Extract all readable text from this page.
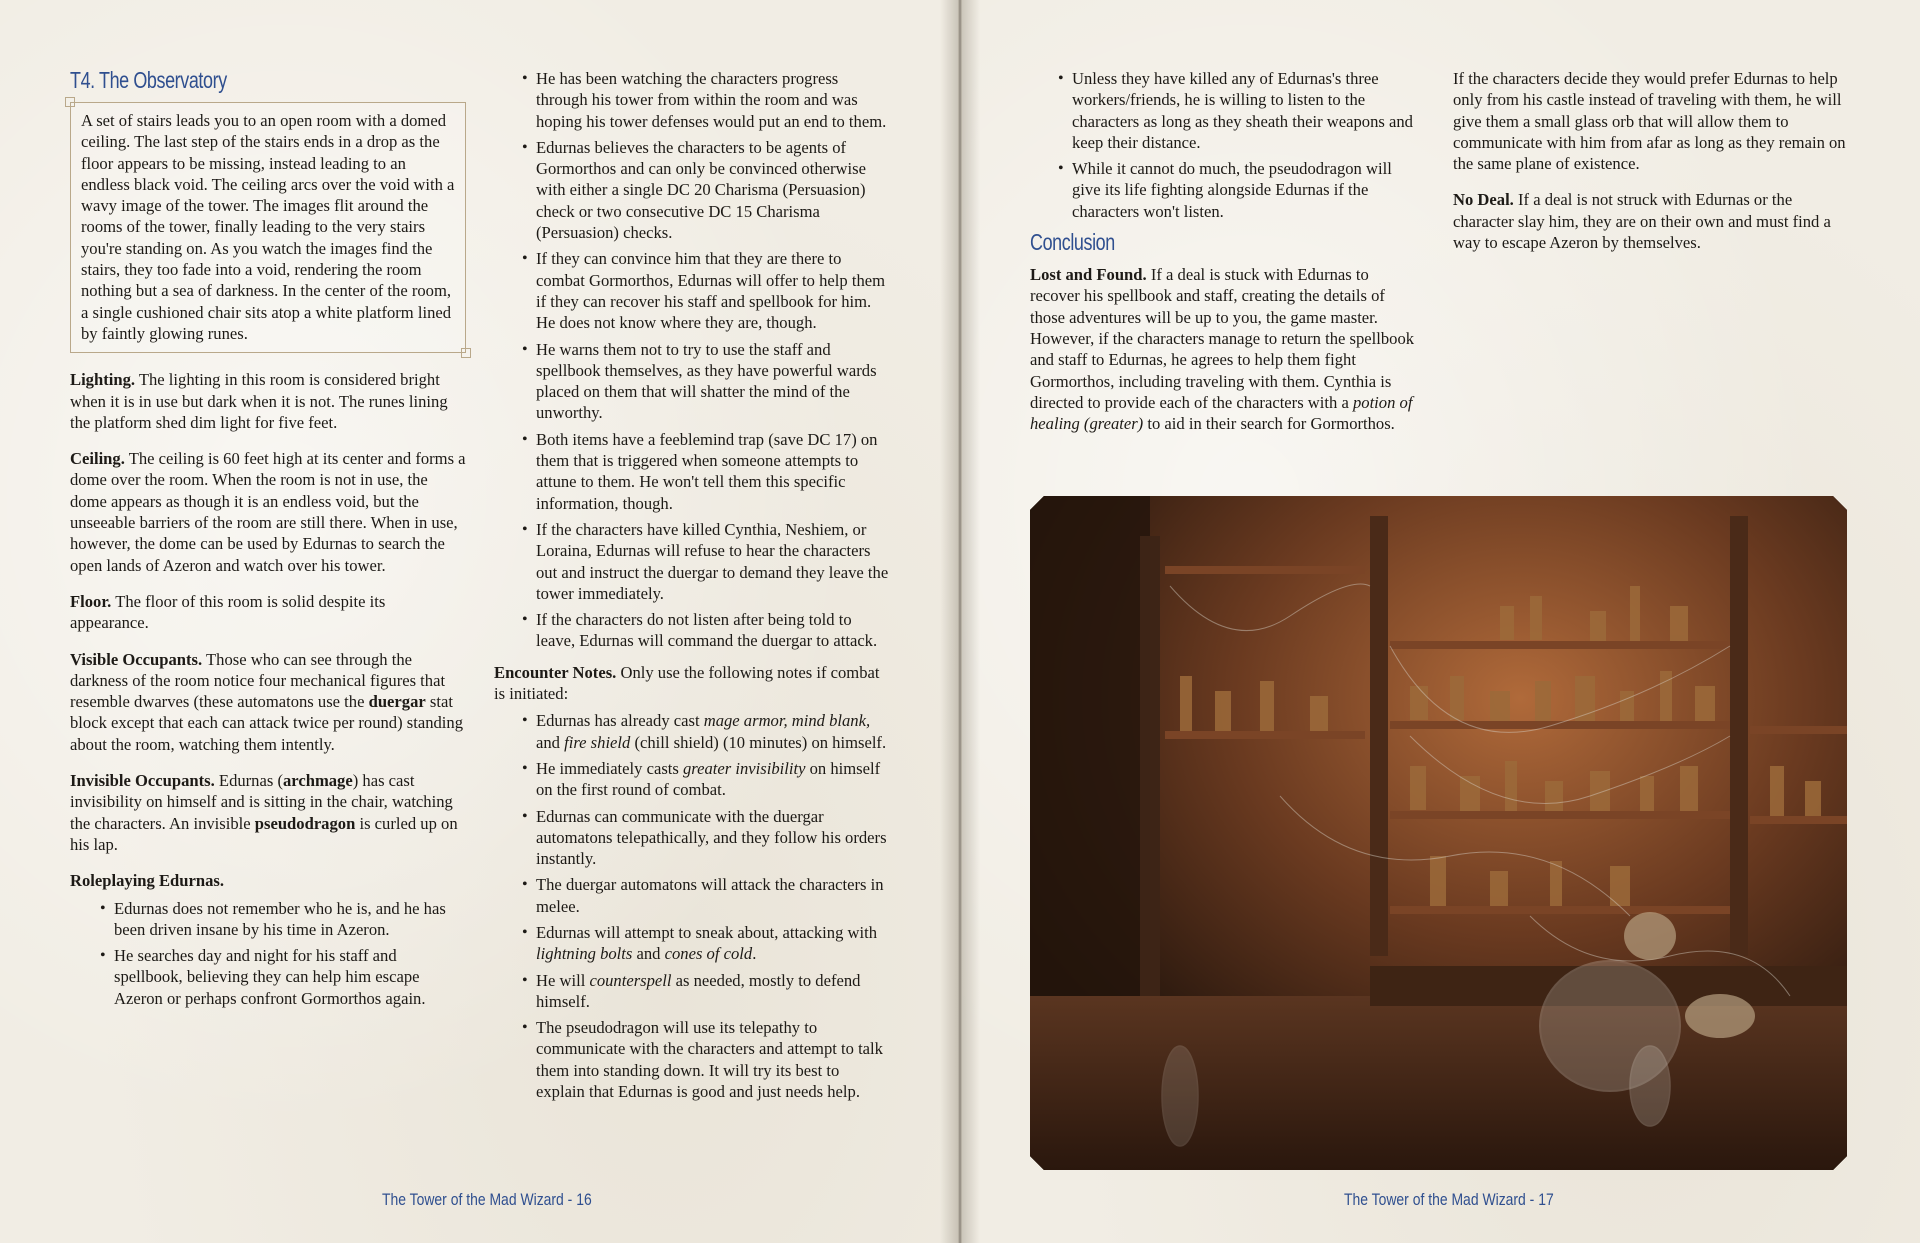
T4. The Observatory
A set of stairs leads you to an open room with a domed ceiling. The last step of the stairs ends in a drop as the floor appears to be missing, instead leading to an endless black void. The ceiling arcs over the void with a wavy image of the tower. The images flit around the rooms of the tower, finally leading to the very stairs you're standing on. As you watch the images find the stairs, they too fade into a void, rendering the room nothing but a sea of darkness. In the center of the room, a single cushioned chair sits atop a white platform lined by faintly glowing runes.

Lighting. The lighting in this room is considered bright when it is in use but dark when it is not. The runes lining the platform shed dim light for five feet.

Ceiling. The ceiling is 60 feet high at its center and forms a dome over the room. When the room is not in use, the dome appears as though it is an endless void, but the unseeable barriers of the room are still there. When in use, however, the dome can be used by Edurnas to search the open lands of Azeron and watch over his tower.

Floor. The floor of this room is solid despite its appearance.

Visible Occupants. Those who can see through the darkness of the room notice four mechanical figures that resemble dwarves (these automatons use the duergar stat block except that each can attack twice per round) standing about the room, watching them intently.

Invisible Occupants. Edurnas (archmage) has cast invisibility on himself and is sitting in the chair, watching the characters. An invisible pseudodragon is curled up on his lap.

Roleplaying Edurnas.

• Edurnas does not remember who he is, and he has been driven insane by his time in Azeron.
• He searches day and night for his staff and spellbook, believing they can help him escape Azeron or perhaps confront Gormorthos again.
• He has been watching the characters progress through his tower from within the room and was hoping his tower defenses would put an end to them.
• Edurnas believes the characters to be agents of Gormorthos and can only be convinced otherwise with either a single DC 20 Charisma (Persuasion) check or two consecutive DC 15 Charisma (Persuasion) checks.
• If they can convince him that they are there to combat Gormorthos, Edurnas will offer to help them if they can recover his staff and spellbook for him. He does not know where they are, though.
• He warns them not to try to use the staff and spellbook themselves, as they have powerful wards placed on them that will shatter the mind of the unworthy.
• Both items have a feeblemind trap (save DC 17) on them that is triggered when someone attempts to attune to them. He won't tell them this specific information, though.
• If the characters have killed Cynthia, Neshiem, or Loraina, Edurnas will refuse to hear the characters out and instruct the duergar to demand they leave the tower immediately.
• If the characters do not listen after being told to leave, Edurnas will command the duergar to attack.

Encounter Notes. Only use the following notes if combat is initiated:

• Edurnas has already cast mage armor, mind blank, and fire shield (chill shield) (10 minutes) on himself.
• He immediately casts greater invisibility on himself on the first round of combat.
• Edurnas can communicate with the duergar automatons telepathically, and they follow his orders instantly.
• The duergar automatons will attack the characters in melee.
• Edurnas will attempt to sneak about, attacking with lightning bolts and cones of cold.
• He will counterspell as needed, mostly to defend himself.
• The pseudodragon will use its telepathy to communicate with the characters and attempt to talk them into standing down. It will try its best to explain that Edurnas is good and just needs help.
The Tower of the Mad Wizard - 16
• Unless they have killed any of Edurnas's three workers/friends, he is willing to listen to the characters as long as they sheath their weapons and keep their distance.
• While it cannot do much, the pseudodragon will give its life fighting alongside Edurnas if the characters won't listen.
Conclusion

Lost and Found. If a deal is stuck with Edurnas to recover his spellbook and staff, creating the details of those adventures will be up to you, the game master. However, if the characters manage to return the spellbook and staff to Edurnas, he agrees to help them fight Gormorthos, including traveling with them. Cynthia is directed to provide each of the characters with a potion of healing (greater) to aid in their search for Gormorthos.

If the characters decide they would prefer Edurnas to help only from his castle instead of traveling with them, he will give them a small glass orb that will allow them to communicate with him from afar as long as they remain on the same plane of existence.

No Deal. If a deal is not struck with Edurnas or the character slay him, they are on their own and must find a way to escape Azeron by themselves.

The Tower of the Mad Wizard - 17
